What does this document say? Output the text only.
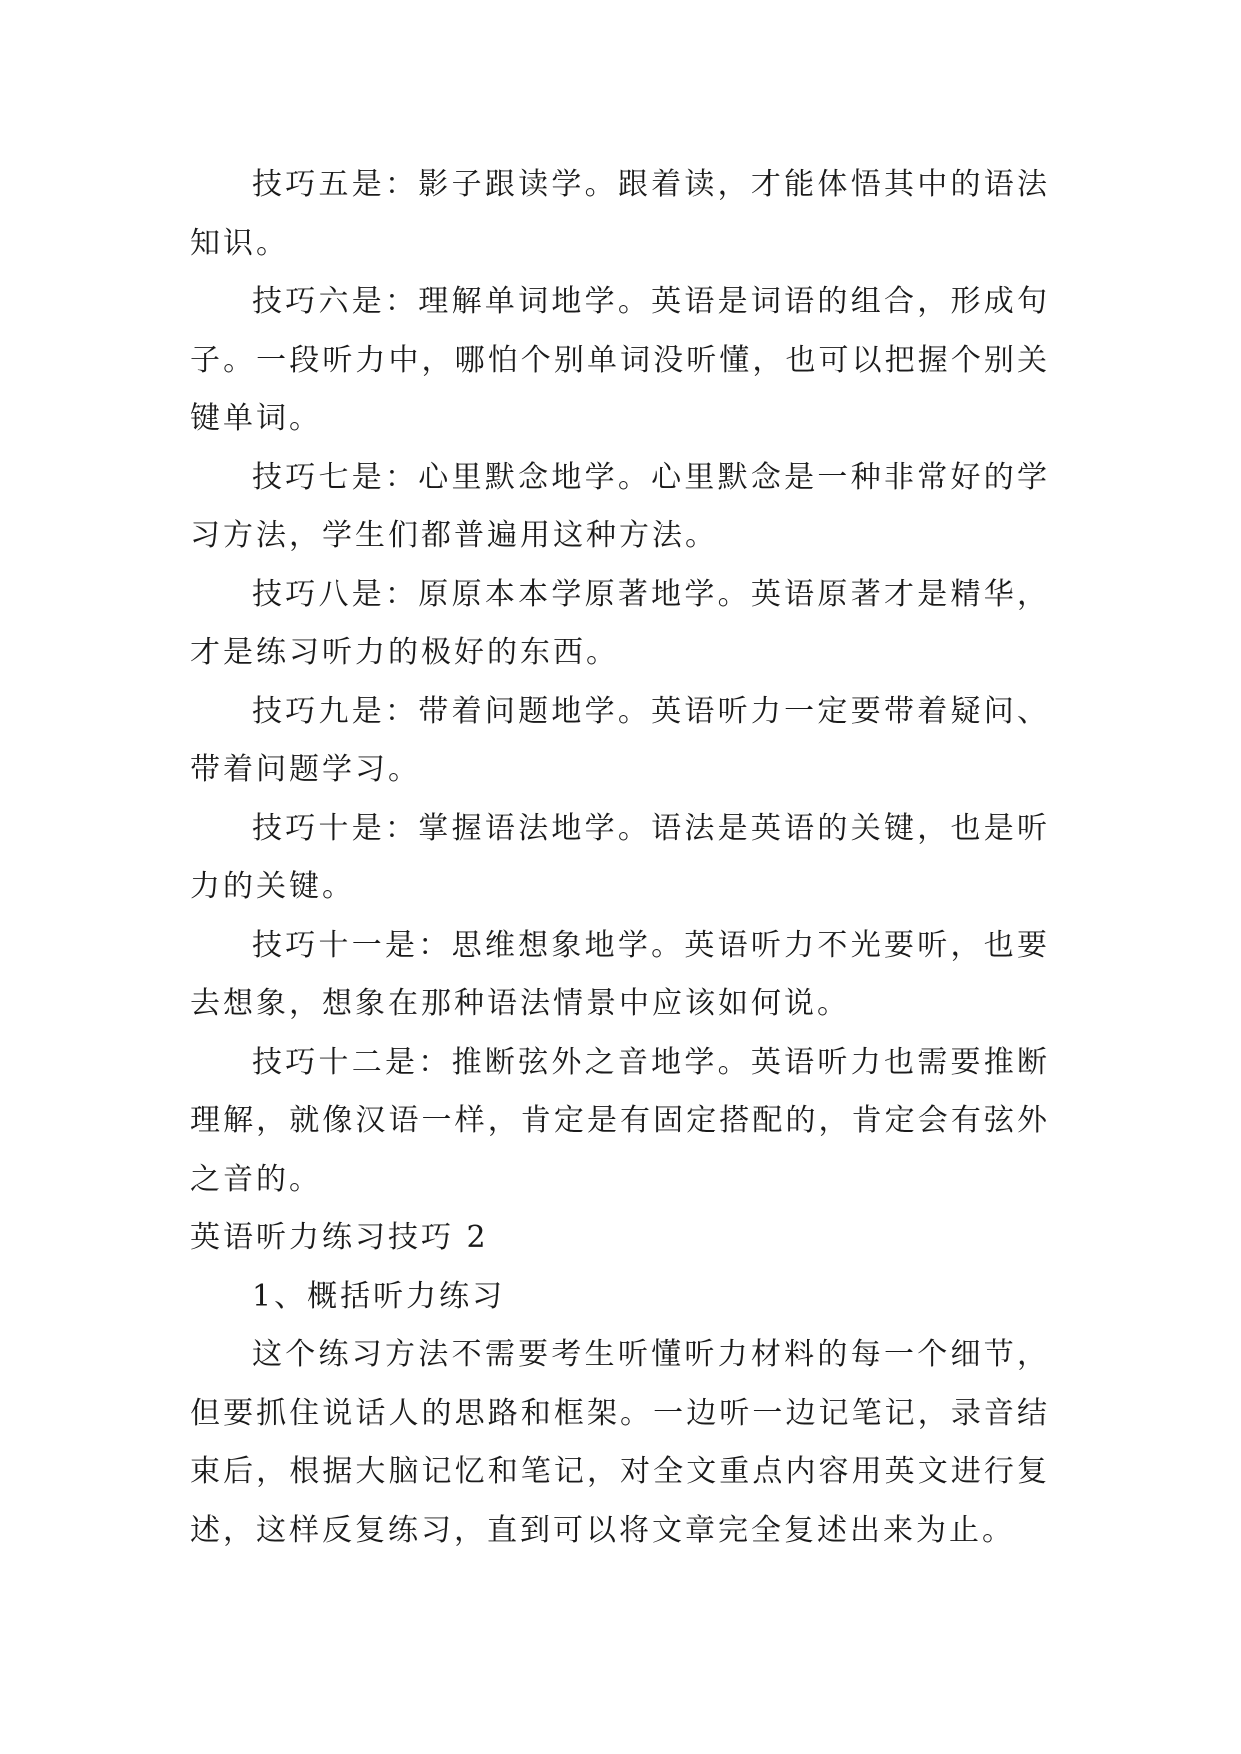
技巧五是：影子跟读学。跟着读，才能体悟其中的语法知识。

技巧六是：理解单词地学。英语是词语的组合，形成句子。一段听力中，哪怕个别单词没听懂，也可以把握个别关键单词。

技巧七是：心里默念地学。心里默念是一种非常好的学习方法，学生们都普遍用这种方法。

技巧八是：原原本本学原著地学。英语原著才是精华，才是练习听力的极好的东西。

技巧九是：带着问题地学。英语听力一定要带着疑问、带着问题学习。

技巧十是：掌握语法地学。语法是英语的关键，也是听力的关键。

技巧十一是：思维想象地学。英语听力不光要听，也要去想象，想象在那种语法情景中应该如何说。

技巧十二是：推断弦外之音地学。英语听力也需要推断理解，就像汉语一样，肯定是有固定搭配的，肯定会有弦外之音的。

英语听力练习技巧 2

1、概括听力练习

这个练习方法不需要考生听懂听力材料的每一个细节，但要抓住说话人的思路和框架。一边听一边记笔记，录音结束后，根据大脑记忆和笔记，对全文重点内容用英文进行复述，这样反复练习，直到可以将文章完全复述出来为止。
